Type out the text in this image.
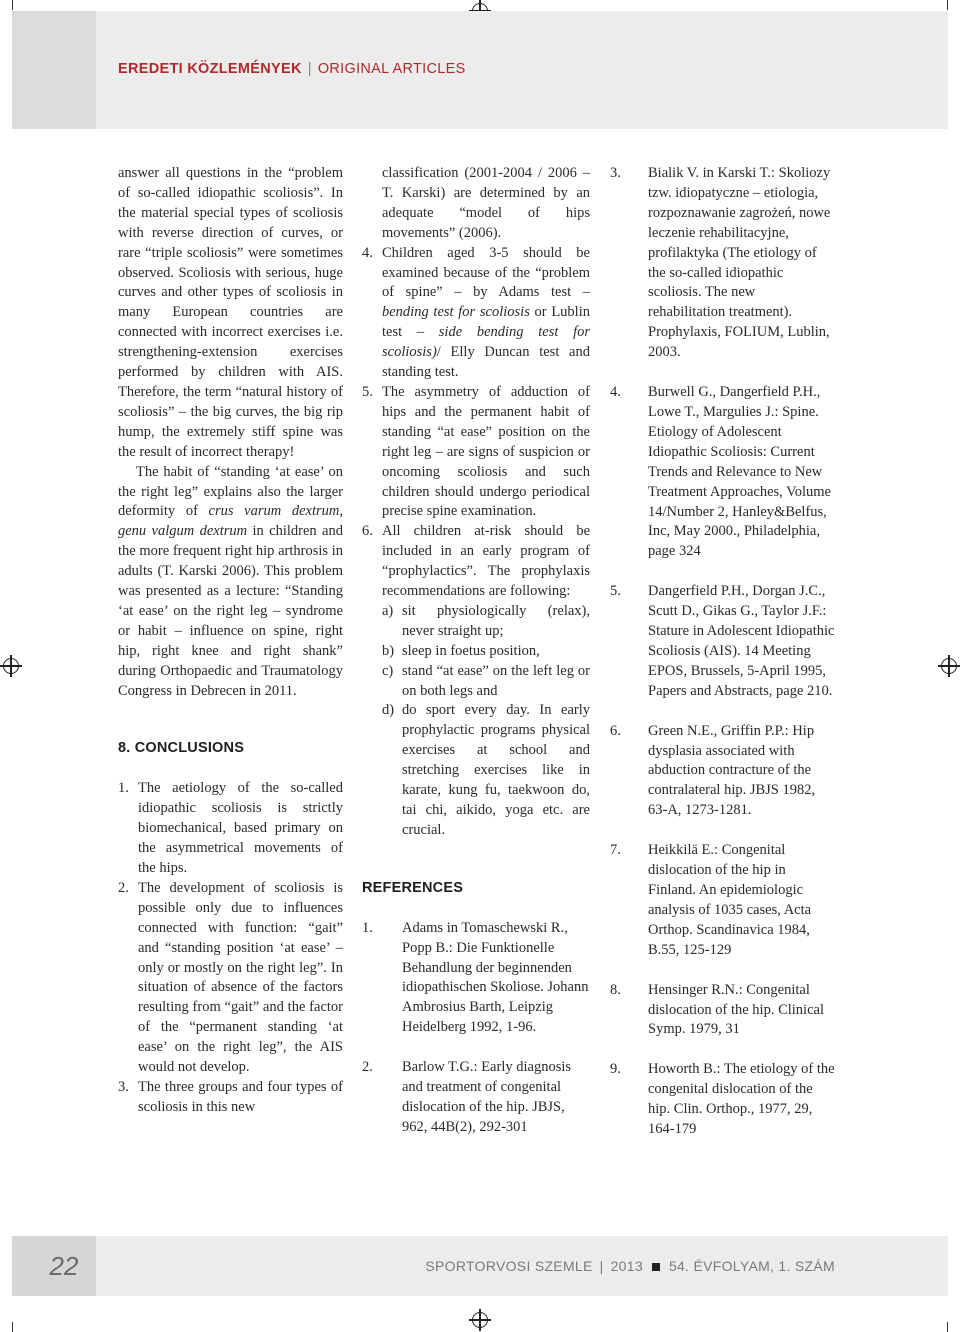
EREDETI KÖZLEMÉNYEK | ORIGINAL ARTICLES

answer all questions in the “problem of so-called idiopathic scoliosis”. In the material special types of scoliosis with reverse direction of curves, or rare “triple scoliosis” were sometimes observed. Scoliosis with serious, huge curves and other types of scoliosis in many European countries are connected with incorrect exercises i.e. strengthening-extension exercises performed by children with AIS. Therefore, the term “natural history of scoliosis” – the big curves, the big rip hump, the extremely stiff spine was the result of incorrect therapy!

The habit of “standing ‘at ease’ on the right leg” explains also the larger deformity of crus varum dextrum, genu valgum dextrum in children and the more frequent right hip arthrosis in adults (T. Karski 2006). This problem was presented as a lecture: “Standing ‘at ease’ on the right leg – syndrome or habit – influence on spine, right hip, right knee and right shank” during Orthopaedic and Traumatology Congress in Debrecen in 2011.

8. CONCLUSIONS

1. The aetiology of the so-called idiopathic scoliosis is strictly biomechanical, based primary on the asymmetrical movements of the hips.
2. The development of scoliosis is possible only due to influences connected with function: “gait” and “standing position ‘at ease’ – only or mostly on the right leg”. In situation of absence of the factors resulting from “gait” and the factor of the “permanent standing ‘at ease’ on the right leg”, the AIS would not develop.
3. The three groups and four types of scoliosis in this new
classification (2001-2004 / 2006 – T. Karski) are determined by an adequate “model of hips movements” (2006).
4. Children aged 3-5 should be examined because of the “problem of spine” – by Adams test – bending test for scoliosis or Lublin test – side bending test for scoliosis)/ Elly Duncan test and standing test.
5. The asymmetry of adduction of hips and the permanent habit of standing “at ease” position on the right leg – are signs of suspicion or oncoming scoliosis and such children should undergo periodical precise spine examination.
6. All children at-risk should be included in an early program of “prophylactics”. The prophylaxis recommendations are following:
a) sit physiologically (relax), never straight up;
b) sleep in foetus position,
c) stand “at ease” on the left leg or on both legs and
d) do sport every day. In early prophylactic programs physical exercises at school and stretching exercises like in karate, kung fu, taekwoon do, tai chi, aikido, yoga etc. are crucial.

REFERENCES

1.	Adams in Tomaschewski R., Popp B.: Die Funktionelle Behandlung der beginnenden idiopathischen Skoliose. Johann Ambrosius Barth, Leipzig Heidelberg 1992, 1-96.
2.	Barlow T.G.: Early diagnosis and treatment of congenital dislocation of the hip. JBJS, 962, 44B(2), 292-301
3.	Bialik V. in Karski T.: Skoliozy tzw. idiopatyczne – etiologia, rozpoznawanie zagrożeń, nowe leczenie rehabilitacyjne, profilaktyka (The etiology of the so-called idiopathic scoliosis. The new rehabilitation treatment). Prophylaxis, FOLIUM, Lublin, 2003.
4.	Burwell G., Dangerfield P.H., Lowe T., Margulies J.: Spine. Etiology of Adolescent Idiopathic Scoliosis: Current Trends and Relevance to New Treatment Approaches, Volume 14/Number 2, Hanley&Belfus, Inc, May 2000., Philadelphia, page 324
5.	Dangerfield P.H., Dorgan J.C., Scutt D., Gikas G., Taylor J.F.: Stature in Adolescent Idiopathic Scoliosis (AIS). 14 Meeting EPOS, Brussels, 5-April 1995, Papers and Abstracts, page 210.
6.	Green N.E., Griffin P.P.: Hip dysplasia associated with abduction contracture of the contralateral hip. JBJS 1982, 63-A, 1273-1281.
7.	Heikkilä E.: Congenital dislocation of the hip in Finland. An epidemiologic analysis of 1035 cases, Acta Orthop. Scandinavica 1984, B.55, 125-129
8.	Hensinger R.N.: Congenital dislocation of the hip. Clinical Symp. 1979, 31
9.	Howorth B.: The etiology of the congenital dislocation of the hip. Clin. Orthop., 1977, 29, 164-179
22	SPORTORVOSI SZEMLE | 2013 54. ÉVFOLYAM, 1. SZÁM
